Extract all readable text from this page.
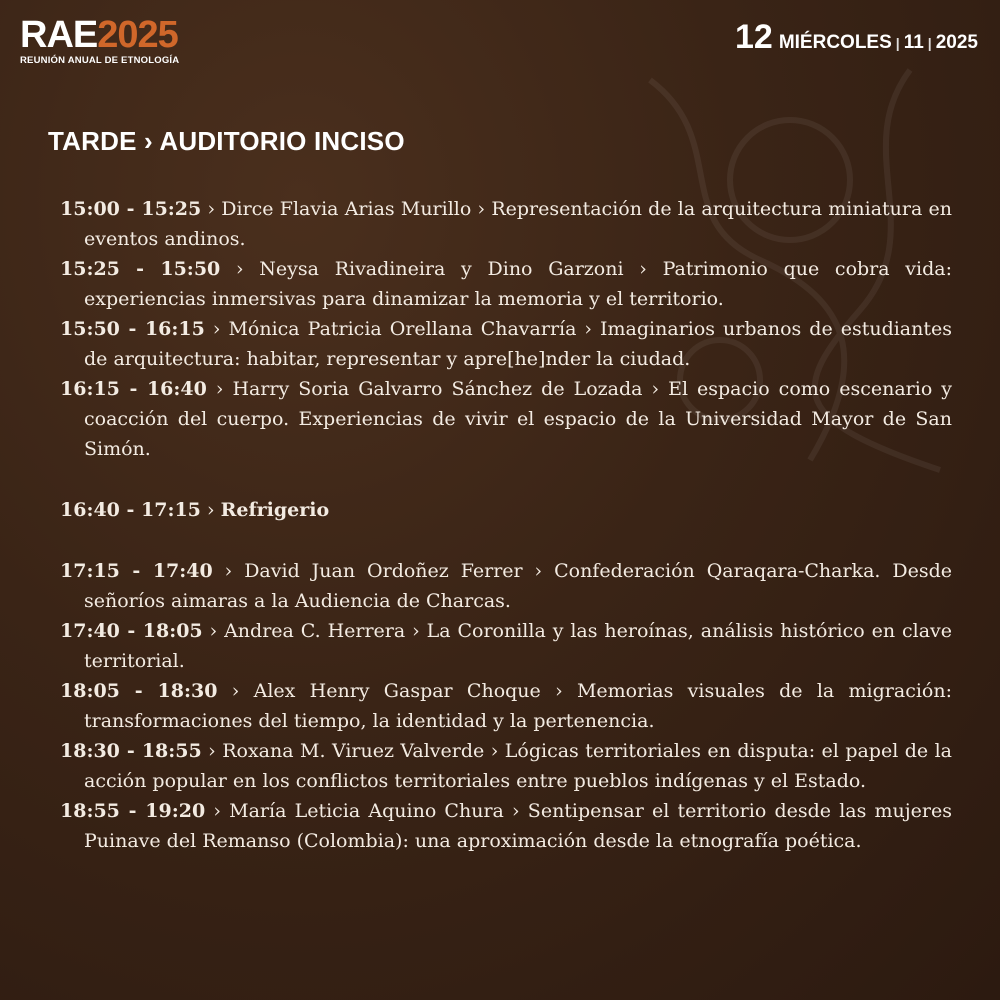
RAE2025
REUNIÓN ANUAL DE ETNOLOGÍA
12 MIÉRCOLES | 11 | 2025
TARDE › AUDITORIO INCISO

15:00 - 15:25 › Dirce Flavia Arias Murillo › Representación de la arquitectura miniatura en eventos andinos.

15:25 - 15:50 › Neysa Rivadineira y Dino Garzoni › Patrimonio que cobra vida: experiencias inmersivas para dinamizar la memoria y el territorio.

15:50 - 16:15 › Mónica Patricia Orellana Chavarría › Imaginarios urbanos de estudiantes de arquitectura: habitar, representar y apre[he]nder la ciudad.

16:15 - 16:40 › Harry Soria Galvarro Sánchez de Lozada › El espacio como escenario y coacción del cuerpo. Experiencias de vivir el espacio de la Universidad Mayor de San Simón.

16:40 - 17:15 › Refrigerio

17:15 - 17:40 › David Juan Ordoñez Ferrer › Confederación Qaraqara-Charka. Desde señoríos aimaras a la Audiencia de Charcas.

17:40 - 18:05 › Andrea C. Herrera › La Coronilla y las heroínas, análisis histórico en clave territorial.

18:05 - 18:30 › Alex Henry Gaspar Choque › Memorias visuales de la migración: transformaciones del tiempo, la identidad y la pertenencia.

18:30 - 18:55 › Roxana M. Viruez Valverde › Lógicas territoriales en disputa: el papel de la acción popular en los conflictos territoriales entre pueblos indígenas y el Estado.

18:55 - 19:20 › María Leticia Aquino Chura › Sentipensar el territorio desde las mujeres Puinave del Remanso (Colombia): una aproximación desde la etnografía poética.
